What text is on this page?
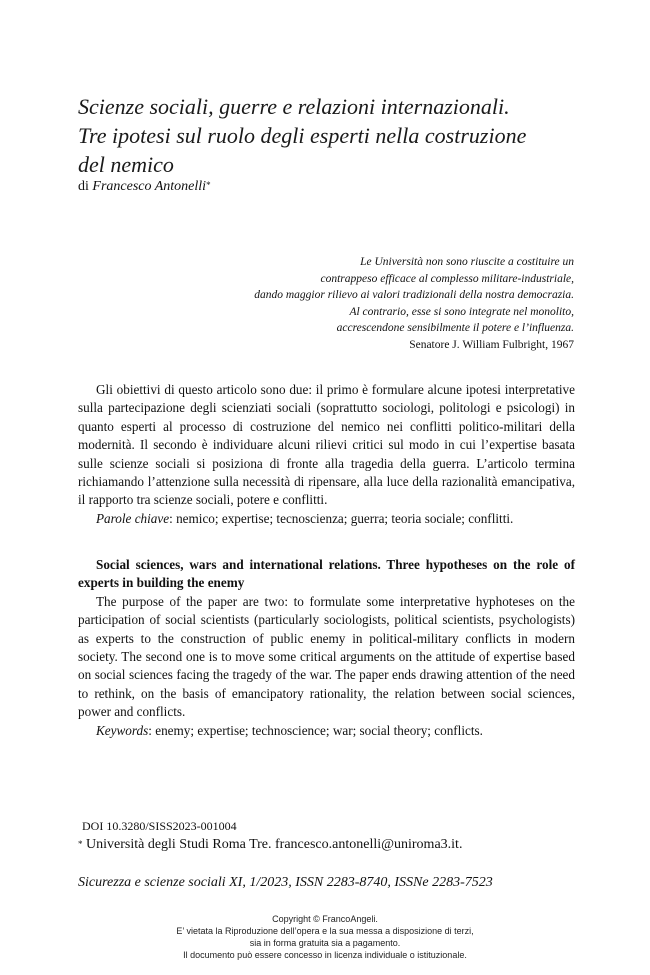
Scienze sociali, guerre e relazioni internazionali.
Tre ipotesi sul ruolo degli esperti nella costruzione
del nemico
di Francesco Antonelli*
Le Università non sono riuscite a costituire un
contrappeso efficace al complesso militare-industriale,
dando maggior rilievo ai valori tradizionali della nostra democrazia.
Al contrario, esse si sono integrate nel monolito,
accrescendone sensibilmente il potere e l’influenza.
Senatore J. William Fulbright, 1967

Gli obiettivi di questo articolo sono due: il primo è formulare alcune ipotesi interpretative sulla partecipazione degli scienziati sociali (soprattutto sociologi, politologi e psicologi) in quanto esperti al processo di costruzione del nemico nei conflitti politico-militari della modernità. Il secondo è individuare alcuni rilievi critici sul modo in cui l’expertise basata sulle scienze sociali si posiziona di fronte alla tragedia della guerra. L’articolo termina richiamando l’attenzione sulla necessità di ripensare, alla luce della razionalità emancipativa, il rapporto tra scienze sociali, potere e conflitti.

Parole chiave: nemico; expertise; tecnoscienza; guerra; teoria sociale; conflitti.

Social sciences, wars and international relations. Three hypotheses on the role of experts in building the enemy

The purpose of the paper are two: to formulate some interpretative hyphoteses on the participation of social scientists (particularly sociologists, political scientists, psychologists) as experts to the construction of public enemy in political-military conflicts in modern society. The second one is to move some critical arguments on the attitude of expertise based on social sciences facing the tragedy of the war. The paper ends drawing attention of the need to rethink, on the basis of emancipatory rationality, the relation between social sciences, power and conflicts.

Keywords: enemy; expertise; technoscience; war; social theory; conflicts.

DOI 10.3280/SISS2023-001004
* Università degli Studi Roma Tre. francesco.antonelli@uniroma3.it.
Sicurezza e scienze sociali XI, 1/2023, ISSN 2283-8740, ISSNe 2283-7523
Copyright © FrancoAngeli.
E’ vietata la Riproduzione dell’opera e la sua messa a disposizione di terzi,
sia in forma gratuita sia a pagamento.
Il documento può essere concesso in licenza individuale o istituzionale.
